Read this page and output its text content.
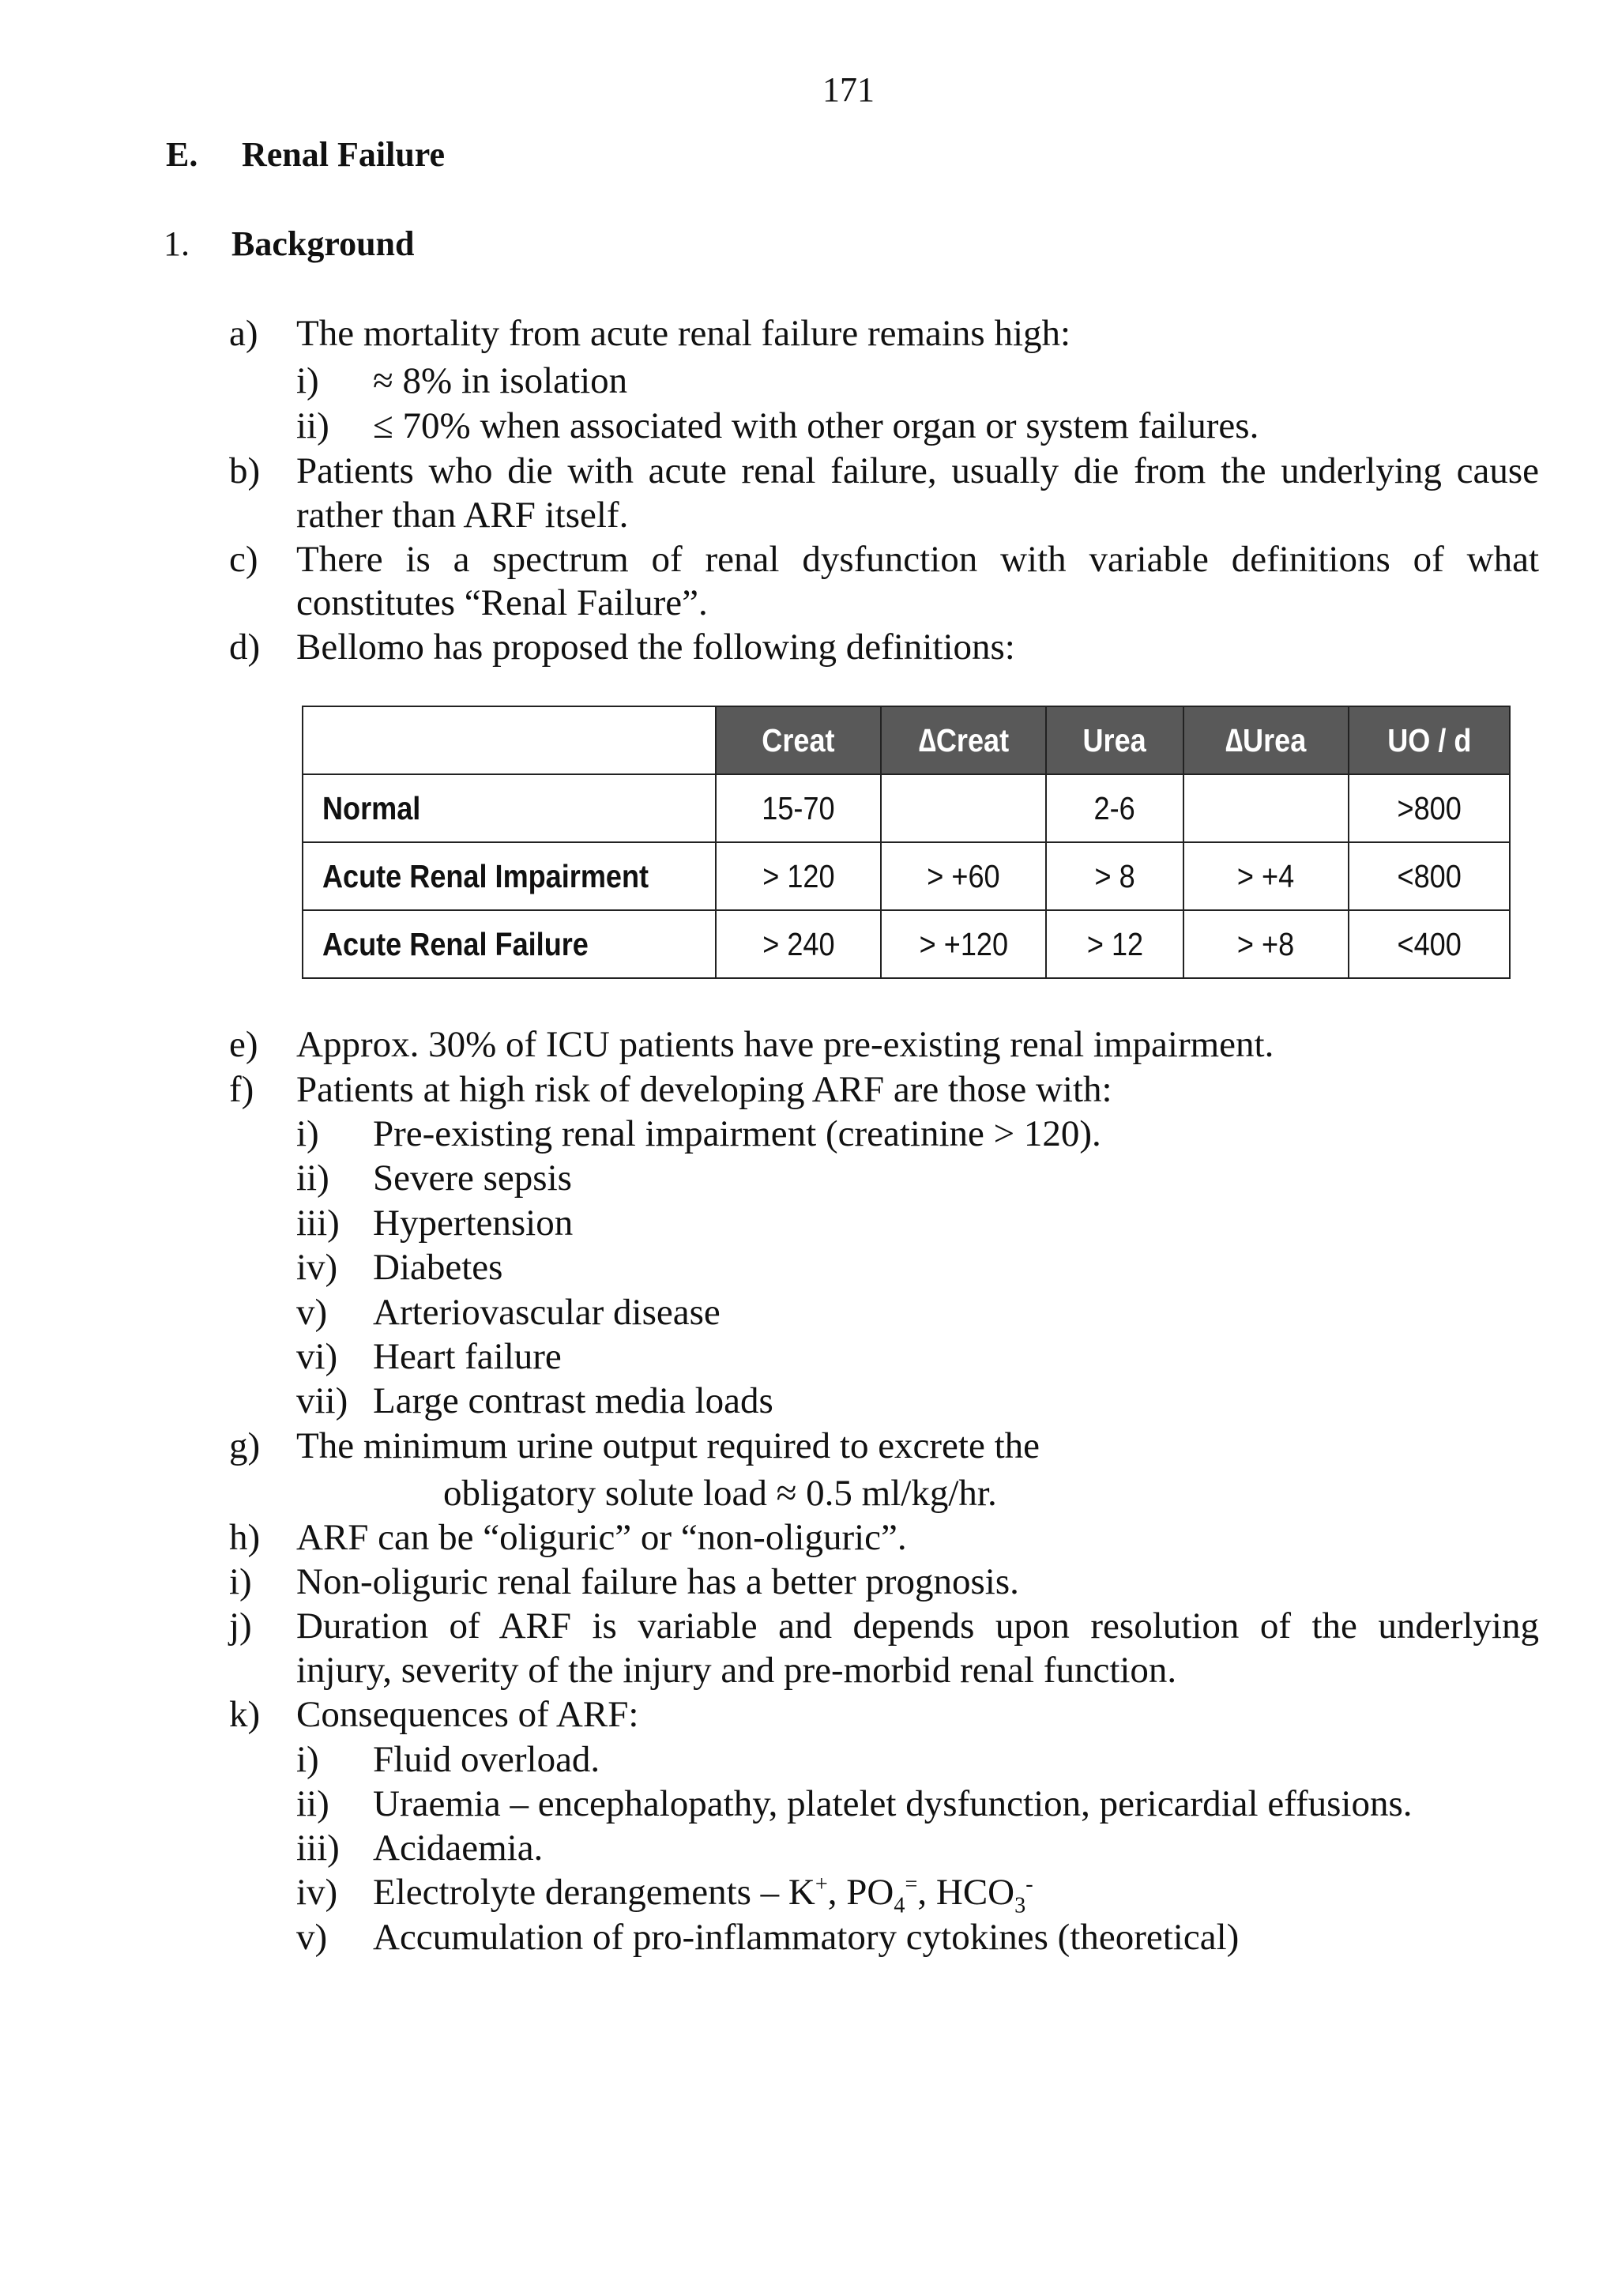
171
E. Renal Failure
1. Background
a) The mortality from acute renal failure remains high:
i)	≈ 8% in isolation
ii)	≤ 70% when associated with other organ or system failures.
b) Patients who die with acute renal failure, usually die from the underlying cause
rather than ARF itself.
c) There is a spectrum of renal dysfunction with variable definitions of what
constitutes “Renal Failure”.
d) Bellomo has proposed the following definitions:
	Creat	∆Creat	Urea	∆Urea	UO / d
Normal	15-70		2-6		>800
Acute Renal Impairment	> 120	> +60	> 8	> +4	<800
Acute Renal Failure	> 240	> +120	> 12	> +8	<400
e) Approx. 30% of ICU patients have pre-existing renal impairment.
f)	Patients at high risk of developing ARF are those with:
i)	Pre-existing renal impairment (creatinine > 120).
ii)	Severe sepsis
iii) Hypertension
iv) Diabetes
v)	Arteriovascular disease
vi) Heart failure
vii) Large contrast media loads
g) The minimum urine output required to excrete the
obligatory solute load ≈ 0.5 ml/kg/hr.
h) ARF can be “oliguric” or “non-oliguric”.
i)	Non-oliguric renal failure has a better prognosis.
j)	Duration of ARF is variable and depends upon resolution of the underlying
injury, severity of the injury and pre-morbid renal function.
k) Consequences of ARF:
i)	Fluid overload.
ii)	Uraemia – encephalopathy, platelet dysfunction, pericardial effusions.
iii) Acidaemia.
iv) Electrolyte derangements – K+, $PO_4^=$, $HCO_3^-$
v)	Accumulation of pro-inflammatory cytokines (theoretical)
